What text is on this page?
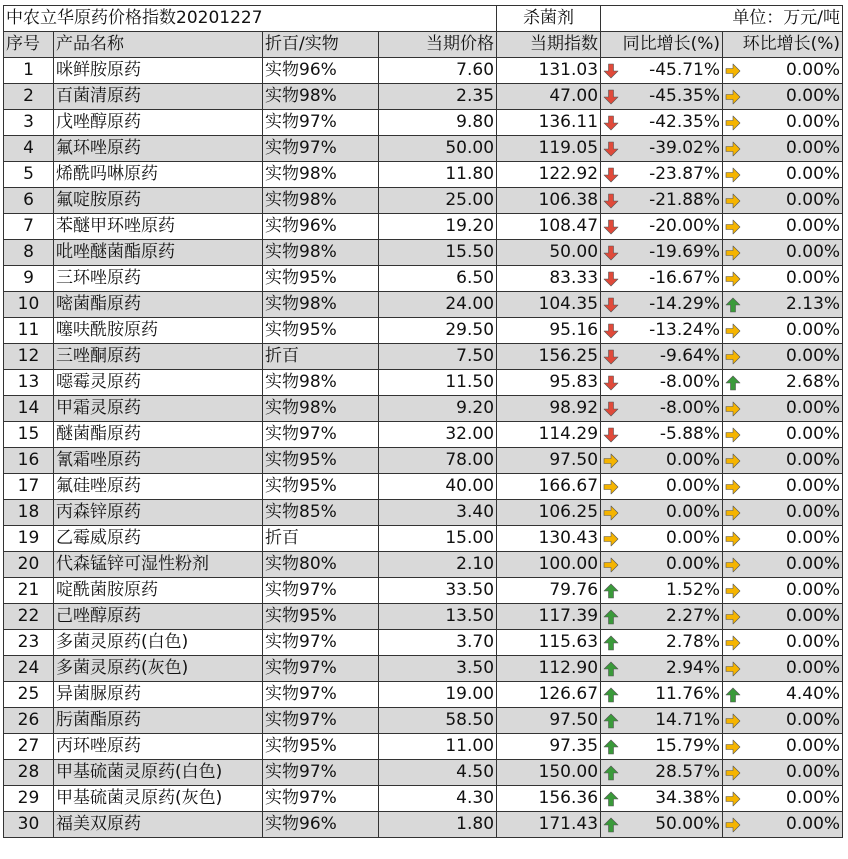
中农立华原药价格指数20201227				杀菌剂	单位：万元/吨	
序号	产品名称	折百/实物	当期价格	当期指数	同比增长(%)	环比增长(%)
1	咪鲜胺原药	实物96%	7.60	131.03	-45.71%	0.00%
2	百菌清原药	实物98%	2.35	47.00	-45.35%	0.00%
3	戊唑醇原药	实物97%	9.80	136.11	-42.35%	0.00%
4	氟环唑原药	实物97%	50.00	119.05	-39.02%	0.00%
5	烯酰吗啉原药	实物98%	11.80	122.92	-23.87%	0.00%
6	氟啶胺原药	实物98%	25.00	106.38	-21.88%	0.00%
7	苯醚甲环唑原药	实物96%	19.20	108.47	-20.00%	0.00%
8	吡唑醚菌酯原药	实物98%	15.50	50.00	-19.69%	0.00%
9	三环唑原药	实物95%	6.50	83.33	-16.67%	0.00%
10	嘧菌酯原药	实物98%	24.00	104.35	-14.29%	2.13%
11	噻呋酰胺原药	实物95%	29.50	95.16	-13.24%	0.00%
12	三唑酮原药	折百	7.50	156.25	-9.64%	0.00%
13	噁霉灵原药	实物98%	11.50	95.83	-8.00%	2.68%
14	甲霜灵原药	实物98%	9.20	98.92	-8.00%	0.00%
15	醚菌酯原药	实物97%	32.00	114.29	-5.88%	0.00%
16	氰霜唑原药	实物95%	78.00	97.50	0.00%	0.00%
17	氟硅唑原药	实物95%	40.00	166.67	0.00%	0.00%
18	丙森锌原药	实物85%	3.40	106.25	0.00%	0.00%
19	乙霉威原药	折百	15.00	130.43	0.00%	0.00%
20	代森锰锌可湿性粉剂	实物80%	2.10	100.00	0.00%	0.00%
21	啶酰菌胺原药	实物97%	33.50	79.76	1.52%	0.00%
22	己唑醇原药	实物95%	13.50	117.39	2.27%	0.00%
23	多菌灵原药(白色)	实物97%	3.70	115.63	2.78%	0.00%
24	多菌灵原药(灰色)	实物97%	3.50	112.90	2.94%	0.00%
25	异菌脲原药	实物97%	19.00	126.67	11.76%	4.40%
26	肟菌酯原药	实物97%	58.50	97.50	14.71%	0.00%
27	丙环唑原药	实物95%	11.00	97.35	15.79%	0.00%
28	甲基硫菌灵原药(白色)	实物97%	4.50	150.00	28.57%	0.00%
29	甲基硫菌灵原药(灰色)	实物97%	4.30	156.36	34.38%	0.00%
30	福美双原药	实物96%	1.80	171.43	50.00%	0.00%
